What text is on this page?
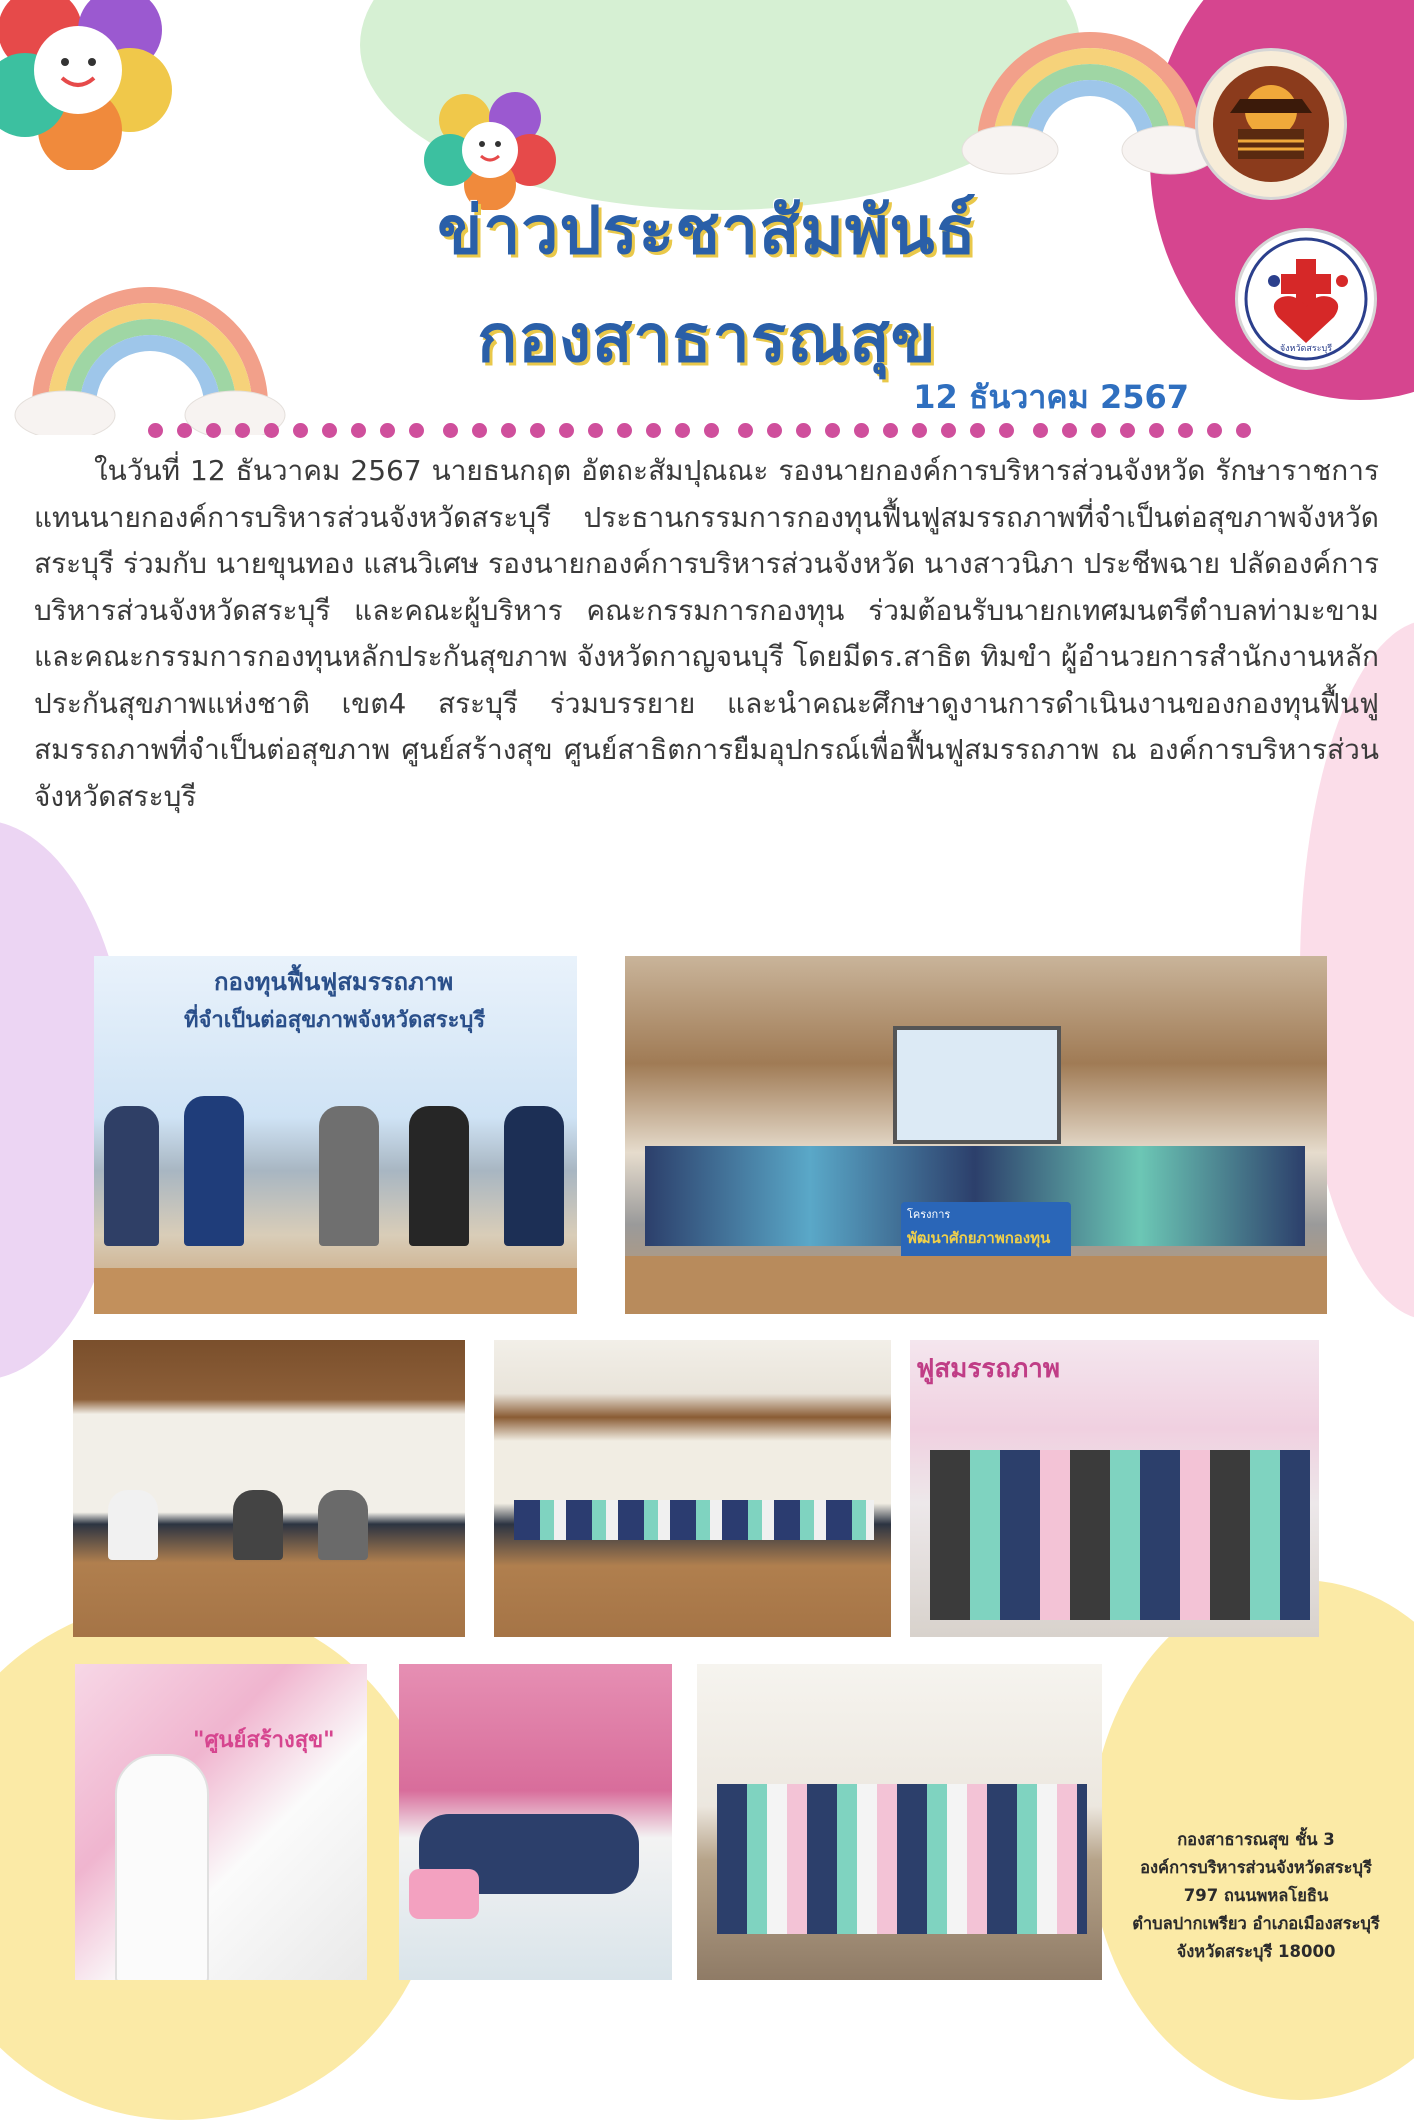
จังหวัดสระบุรี
ข่าวประชาสัมพันธ์
กองสาธารณสุข
12 ธันวาคม 2567

ในวันที่ 12 ธันวาคม 2567 นายธนกฤต อัตถะสัมปุณณะ รองนายกองค์การบริหารส่วนจังหวัด รักษาราชการแทนนายกองค์การบริหารส่วนจังหวัดสระบุรี ประธานกรรมการกองทุนฟื้นฟูสมรรถภาพที่จำเป็นต่อสุขภาพจังหวัดสระบุรี ร่วมกับ นายขุนทอง แสนวิเศษ รองนายกองค์การบริหารส่วนจังหวัด นางสาวนิภา ประชีพฉาย ปลัดองค์การบริหารส่วนจังหวัดสระบุรี และคณะผู้บริหาร คณะกรรมการกองทุน ร่วมต้อนรับนายกเทศมนตรีตำบลท่ามะขามและคณะกรรมการกองทุนหลักประกันสุขภาพ จังหวัดกาญจนบุรี โดยมีดร.สาธิต ทิมขำ ผู้อำนวยการสำนักงานหลักประกันสุขภาพแห่งชาติ เขต4 สระบุรี ร่วมบรรยาย และนำคณะศึกษาดูงานการดำเนินงานของกองทุนฟื้นฟูสมรรถภาพที่จำเป็นต่อสุขภาพ ศูนย์สร้างสุข ศูนย์สาธิตการยืมอุปกรณ์เพื่อฟื้นฟูสมรรถภาพ ณ องค์การบริหารส่วนจังหวัดสระบุรี
กองทุนฟื้นฟูสมรรถภาพ
ที่จำเป็นต่อสุขภาพจังหวัดสระบุรี
โครงการ
พัฒนาศักยภาพกองทุน
ฟูสมรรถภาพ
"ศูนย์สร้างสุข"
กองสาธารณสุข ชั้น 3
องค์การบริหารส่วนจังหวัดสระบุรี
797 ถนนพหลโยธิน
ตำบลปากเพรียว อำเภอเมืองสระบุรี
จังหวัดสระบุรี 18000
